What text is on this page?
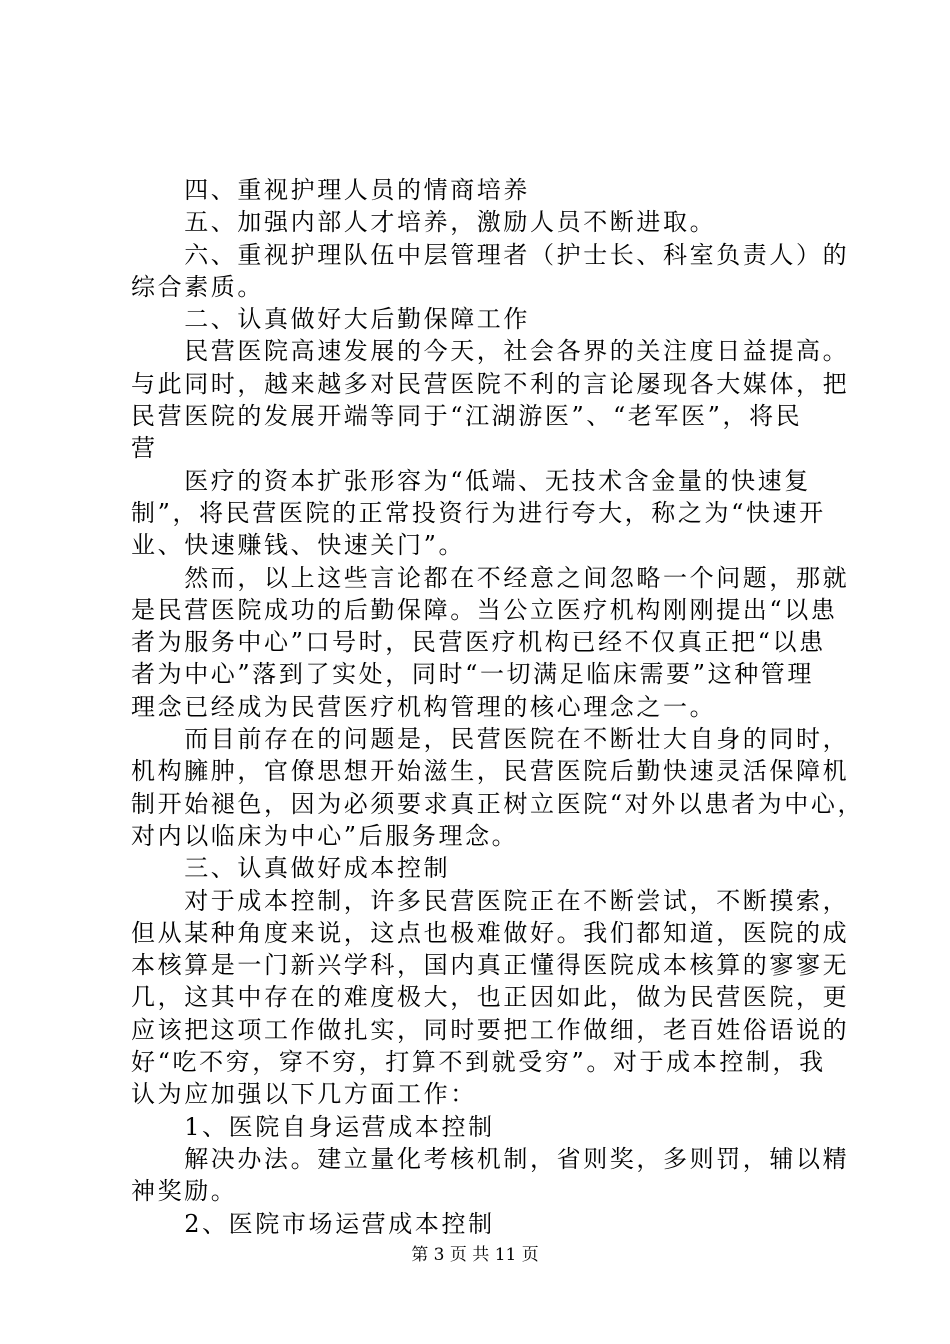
　　四、重视护理人员的情商培养
　　五、加强内部人才培养，激励人员不断进取。
　　六、重视护理队伍中层管理者（护士长、科室负责人）的
综合素质。
　　二、认真做好大后勤保障工作
　　民营医院高速发展的今天，社会各界的关注度日益提高。
与此同时，越来越多对民营医院不利的言论屡现各大媒体，把
民营医院的发展开端等同于“江湖游医”、“老军医”，将民
营
　　医疗的资本扩张形容为“低端、无技术含金量的快速复
制”，将民营医院的正常投资行为进行夸大，称之为“快速开
业、快速赚钱、快速关门”。
　　然而，以上这些言论都在不经意之间忽略一个问题，那就
是民营医院成功的后勤保障。当公立医疗机构刚刚提出“以患
者为服务中心”口号时，民营医疗机构已经不仅真正把“以患
者为中心”落到了实处，同时“一切满足临床需要”这种管理
理念已经成为民营医疗机构管理的核心理念之一。
　　而目前存在的问题是，民营医院在不断壮大自身的同时，
机构臃肿，官僚思想开始滋生，民营医院后勤快速灵活保障机
制开始褪色，因为必须要求真正树立医院“对外以患者为中心，
对内以临床为中心”后服务理念。
　　三、认真做好成本控制
　　对于成本控制，许多民营医院正在不断尝试，不断摸索，
但从某种角度来说，这点也极难做好。我们都知道，医院的成
本核算是一门新兴学科，国内真正懂得医院成本核算的寥寥无
几，这其中存在的难度极大，也正因如此，做为民营医院，更
应该把这项工作做扎实，同时要把工作做细，老百姓俗语说的
好“吃不穷，穿不穷，打算不到就受穷”。对于成本控制，我
认为应加强以下几方面工作：
　　1、医院自身运营成本控制
　　解决办法。建立量化考核机制，省则奖，多则罚，辅以精
神奖励。
　　2、医院市场运营成本控制
第 3 页 共 11 页
